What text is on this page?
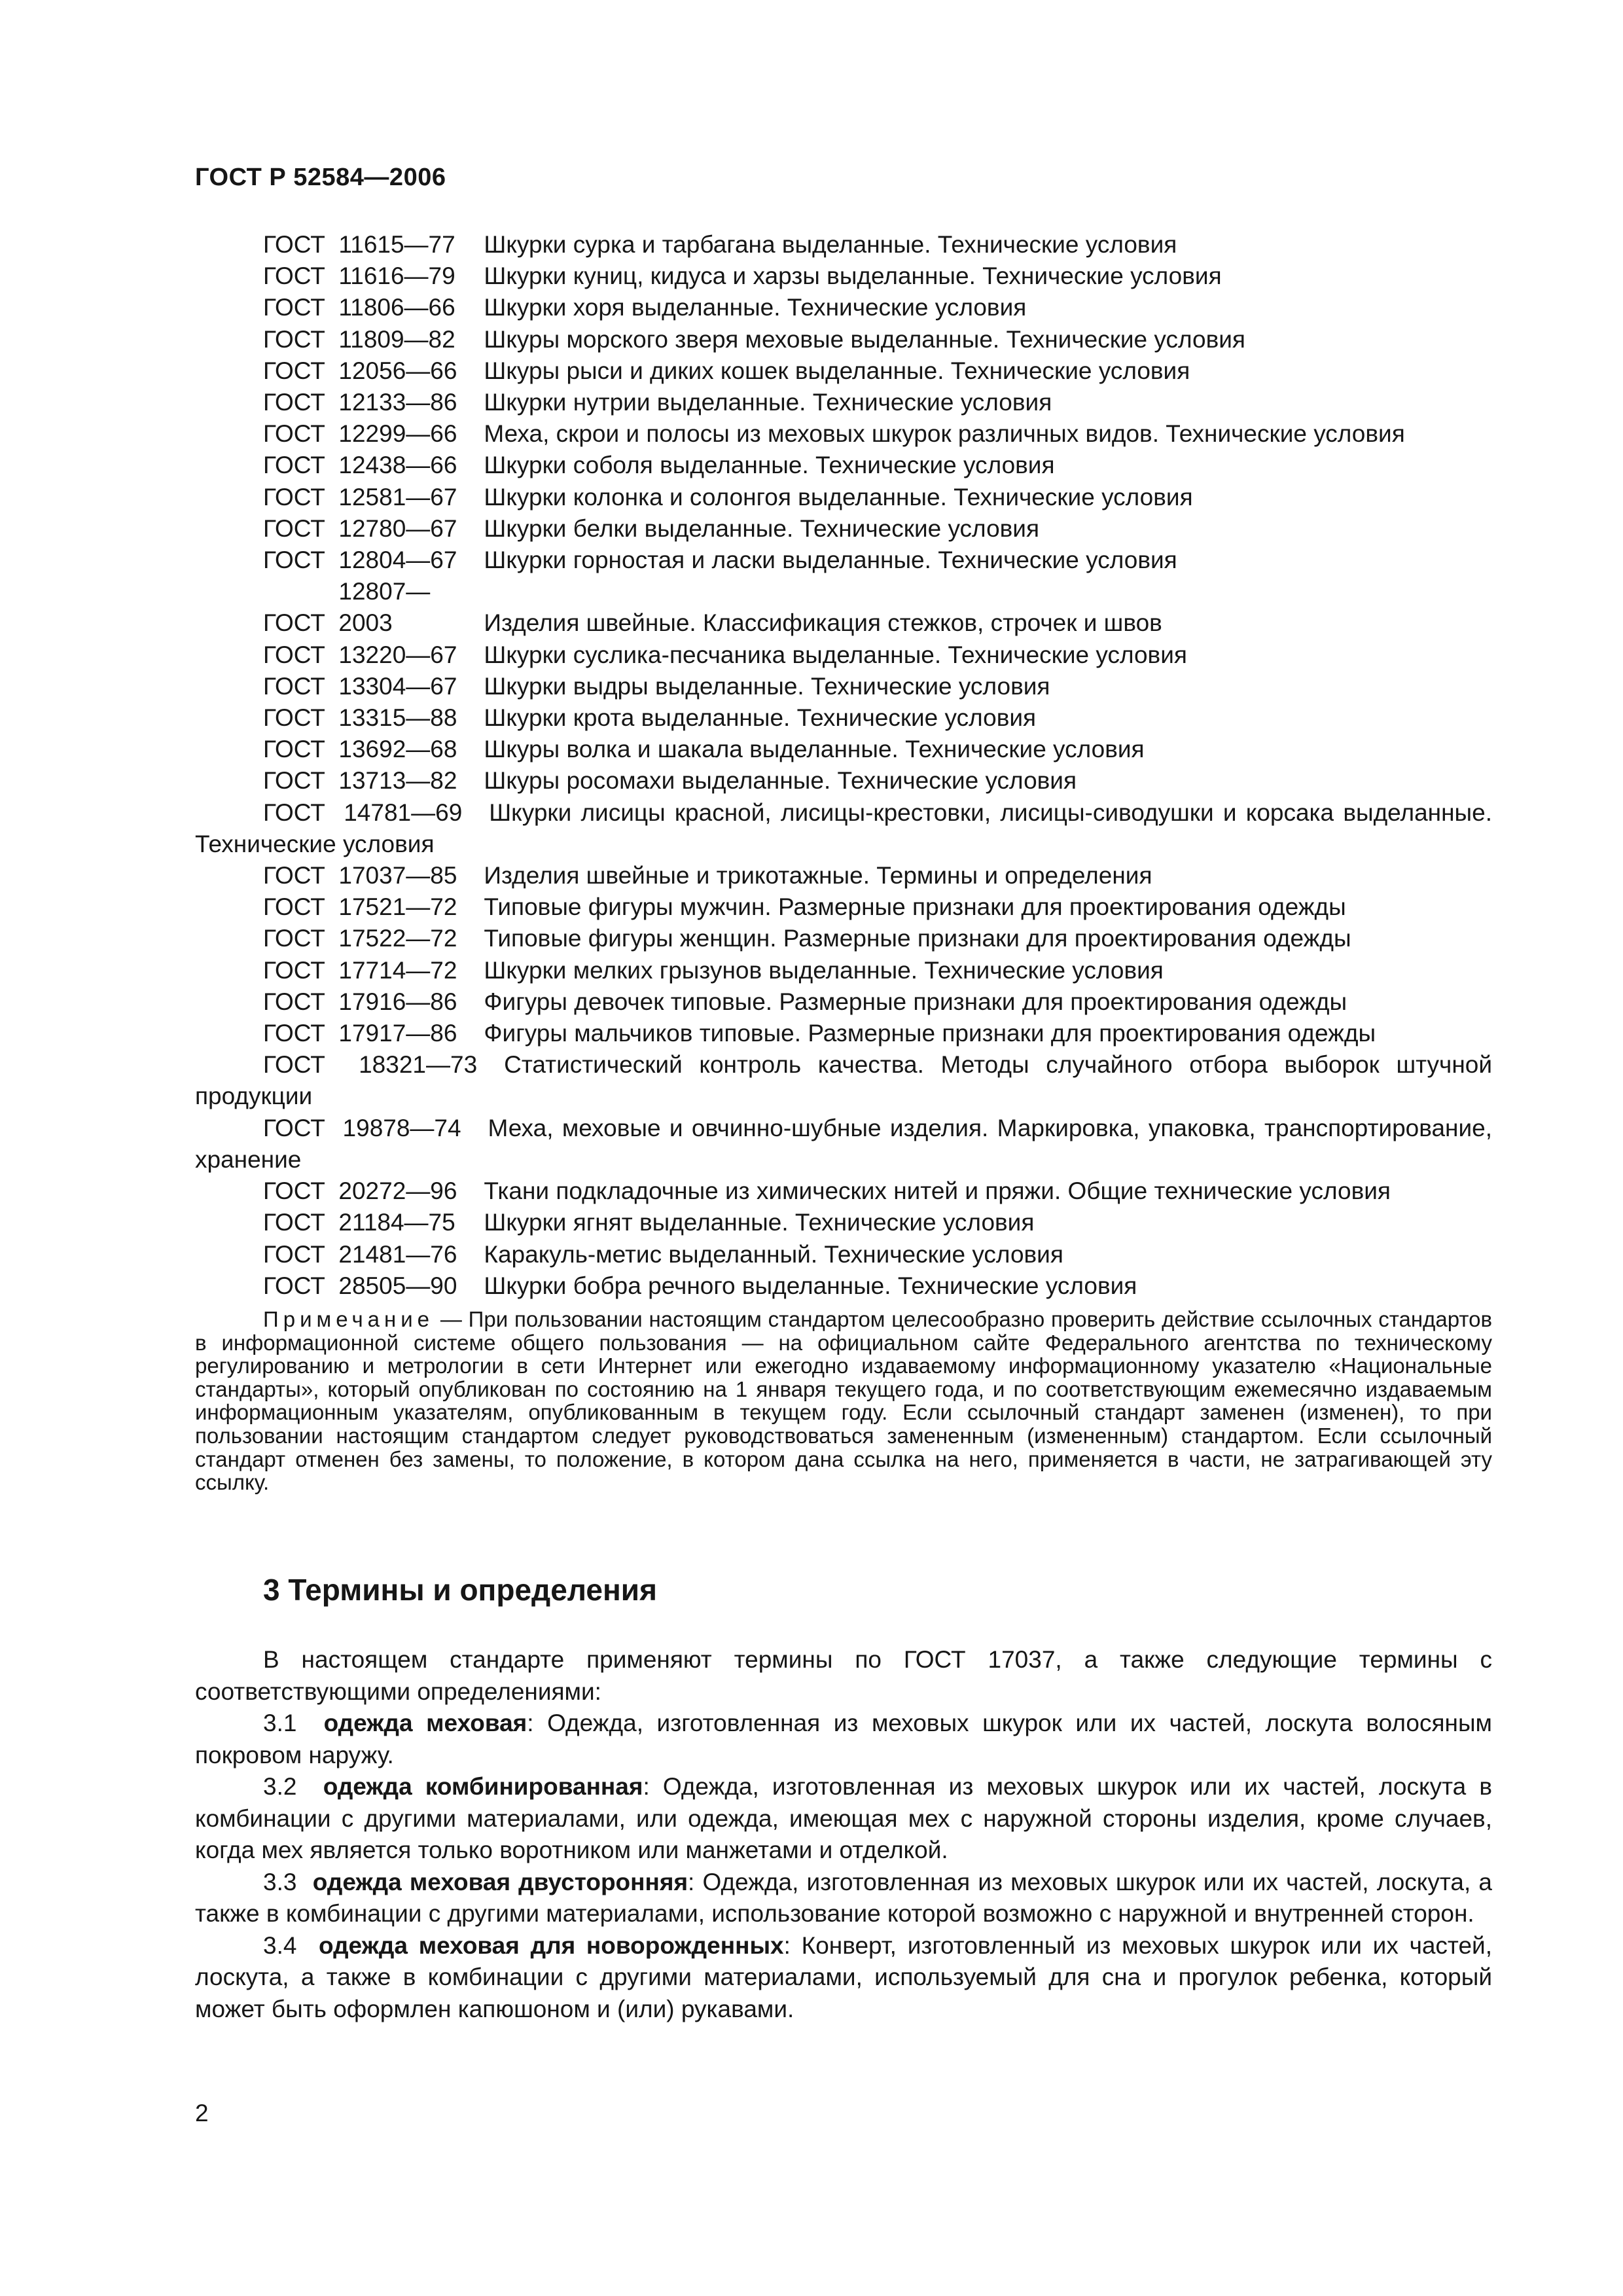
ГОСТ Р 52584—2006
ГОСТ 11615—77 Шкурки сурка и тарбагана выделанные. Технические условия
ГОСТ 11616—79 Шкурки куниц, кидуса и харзы выделанные. Технические условия
ГОСТ 11806—66 Шкурки хоря выделанные. Технические условия
ГОСТ 11809—82 Шкуры морского зверя меховые выделанные. Технические условия
ГОСТ 12056—66 Шкуры рыси и диких кошек выделанные. Технические условия
ГОСТ 12133—86 Шкурки нутрии выделанные. Технические условия
ГОСТ 12299—66 Меха, скрои и полосы из меховых шкурок различных видов. Технические условия
ГОСТ 12438—66 Шкурки соболя выделанные. Технические условия
ГОСТ 12581—67 Шкурки колонка и солонгоя выделанные. Технические условия
ГОСТ 12780—67 Шкурки белки выделанные. Технические условия
ГОСТ 12804—67 Шкурки горностая и ласки выделанные. Технические условия
ГОСТ  12807—2003	Изделия швейные. Классификация стежков, строчек и швов
ГОСТ 13220—67 Шкурки суслика-песчаника выделанные. Технические условия
ГОСТ 13304—67 Шкурки выдры выделанные. Технические условия
ГОСТ 13315—88 Шкурки крота выделанные. Технические условия
ГОСТ 13692—68 Шкуры волка и шакала выделанные. Технические условия
ГОСТ 13713—82 Шкуры росомахи выделанные. Технические условия
ГОСТ 14781—69 Шкурки лисицы красной, лисицы-крестовки, лисицы-сиводушки и корсака выделанные. Технические условия
ГОСТ 17037—85 Изделия швейные и трикотажные. Термины и определения
ГОСТ 17521—72 Типовые фигуры мужчин. Размерные признаки для проектирования одежды
ГОСТ 17522—72 Типовые фигуры женщин. Размерные признаки для проектирования одежды
ГОСТ 17714—72 Шкурки мелких грызунов выделанные. Технические условия
ГОСТ 17916—86 Фигуры девочек типовые. Размерные признаки для проектирования одежды
ГОСТ 17917—86 Фигуры мальчиков типовые. Размерные признаки для проектирования одежды
ГОСТ 18321—73 Статистический контроль качества. Методы случайного отбора выборок штучной продукции
ГОСТ 19878—74 Меха, меховые и овчинно-шубные изделия. Маркировка, упаковка, транспортирование, хранение
ГОСТ 20272—96 Ткани подкладочные из химических нитей и пряжи. Общие технические условия
ГОСТ 21184—75 Шкурки ягнят выделанные. Технические условия
ГОСТ 21481—76 Каракуль-метис выделанный. Технические условия
ГОСТ 28505—90 Шкурки бобра речного выделанные. Технические условия

Примечание — При пользовании настоящим стандартом целесообразно проверить действие ссылочных стандартов в информационной системе общего пользования — на официальном сайте Федерального агентства по техническому регулированию и метрологии в сети Интернет или ежегодно издаваемому информационному указателю «Национальные стандарты», который опубликован по состоянию на 1 января текущего года, и по соответствующим ежемесячно издаваемым информационным указателям, опубликованным в текущем году. Если ссылочный стандарт заменен (изменен), то при пользовании настоящим стандартом следует руководствоваться замененным (измененным) стандартом. Если ссылочный стандарт отменен без замены, то положение, в котором дана ссылка на него, применяется в части, не затрагивающей эту ссылку.

3 Термины и определения

В настоящем стандарте применяют термины по ГОСТ 17037, а также следующие термины с соответствующими определениями:

3.1 одежда меховая: Одежда, изготовленная из меховых шкурок или их частей, лоскута волосяным покровом наружу.

3.2 одежда комбинированная: Одежда, изготовленная из меховых шкурок или их частей, лоскута в комбинации с другими материалами, или одежда, имеющая мех с наружной стороны изделия, кроме случаев, когда мех является только воротником или манжетами и отделкой.

3.3 одежда меховая двусторонняя: Одежда, изготовленная из меховых шкурок или их частей, лоскута, а также в комбинации с другими материалами, использование которой возможно с наружной и внутренней сторон.

3.4 одежда меховая для новорожденных: Конверт, изготовленный из меховых шкурок или их частей, лоскута, а также в комбинации с другими материалами, используемый для сна и прогулок ребенка, который может быть оформлен капюшоном и (или) рукавами.

2
